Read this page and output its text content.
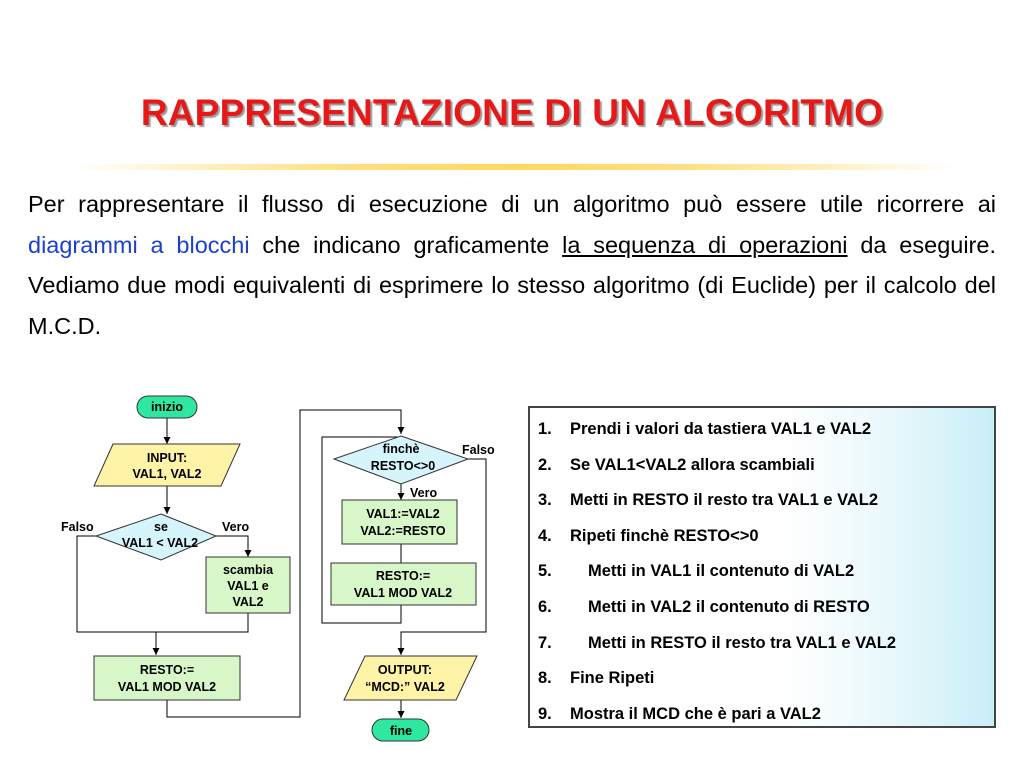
RAPPRESENTAZIONE DI UN ALGORITMO
Per rappresentare il flusso di esecuzione di un algoritmo può essere utile ricorrere ai diagrammi a blocchi che indicano graficamente la sequenza di operazioni da eseguire. Vediamo due modi equivalenti di esprimere lo stesso algoritmo (di Euclide) per il calcolo del M.C.D.
inizio
INPUT:
VAL1, VAL2
se
VAL1 < VAL2
Falso	Vero
scambia
VAL1 e
VAL2
RESTO:=
VAL1 MOD VAL2
finchè
RESTO<>0
Falso
Vero
VAL1:=VAL2
VAL2:=RESTO
RESTO:=
VAL1 MOD VAL2
OUTPUT:
“MCD:” VAL2
fine
1. Prendi i valori da tastiera VAL1 e VAL2
2. Se VAL1<VAL2 allora scambiali
3. Metti in RESTO il resto tra VAL1 e VAL2
4. Ripeti finchè RESTO<>0
5. Metti in VAL1 il contenuto di VAL2
6. Metti in VAL2 il contenuto di RESTO
7. Metti in RESTO il resto tra VAL1 e VAL2
8. Fine Ripeti
9. Mostra il MCD che è pari a VAL2
